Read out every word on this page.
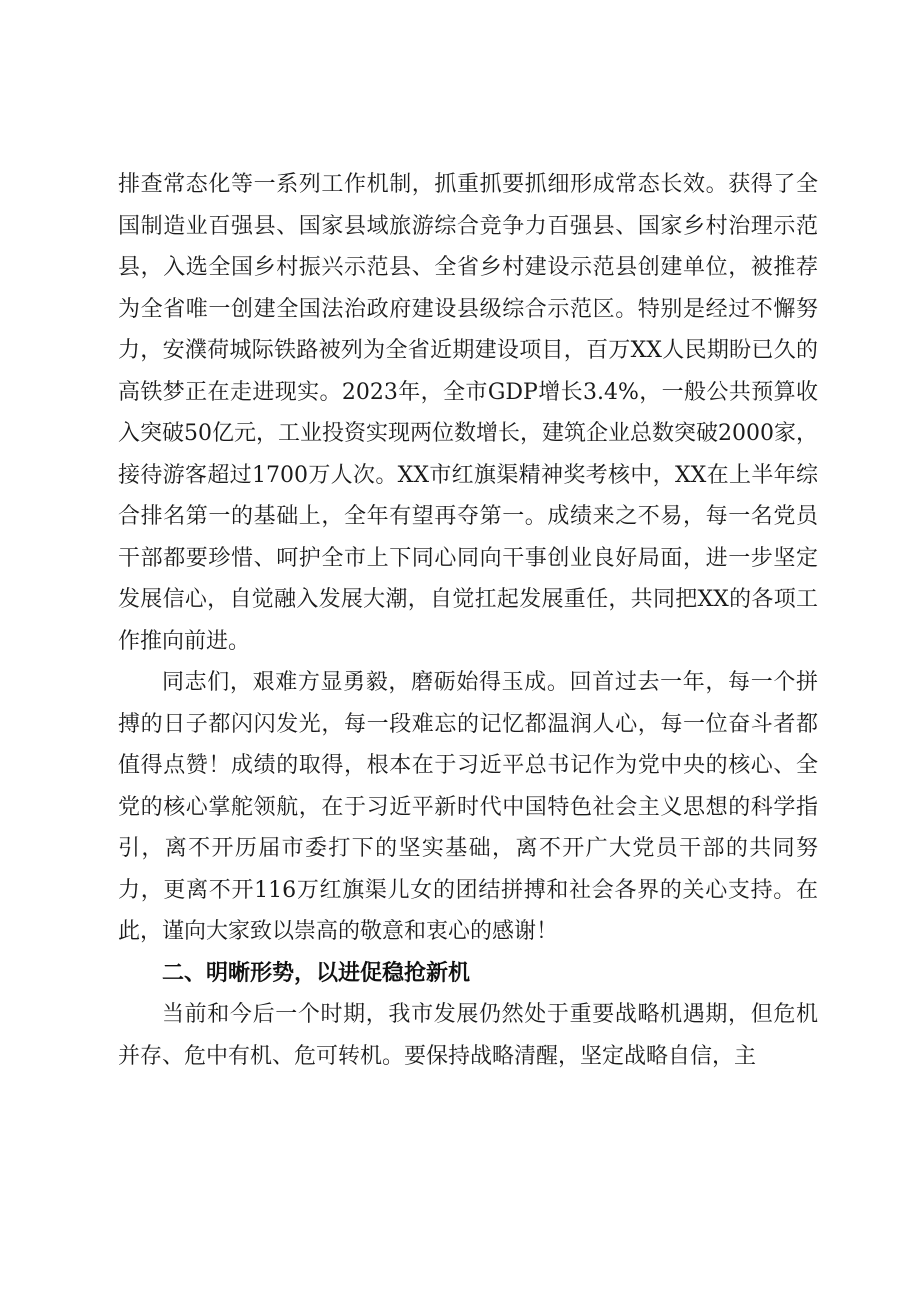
排查常态化等一系列工作机制，抓重抓要抓细形成常态长效。获得了全国制造业百强县、国家县域旅游综合竞争力百强县、国家乡村治理示范县，入选全国乡村振兴示范县、全省乡村建设示范县创建单位，被推荐为全省唯一创建全国法治政府建设县级综合示范区。特别是经过不懈努力，安濮荷城际铁路被列为全省近期建设项目，百万XX人民期盼已久的高铁梦正在走进现实。2023年，全市GDP增长3.4%，一般公共预算收入突破50亿元，工业投资实现两位数增长，建筑企业总数突破2000家，接待游客超过1700万人次。XX市红旗渠精神奖考核中，XX在上半年综合排名第一的基础上，全年有望再夺第一。成绩来之不易，每一名党员干部都要珍惜、呵护全市上下同心同向干事创业良好局面，进一步坚定发展信心，自觉融入发展大潮，自觉扛起发展重任，共同把XX的各项工作推向前进。

同志们，艰难方显勇毅，磨砺始得玉成。回首过去一年，每一个拼搏的日子都闪闪发光，每一段难忘的记忆都温润人心，每一位奋斗者都值得点赞！成绩的取得，根本在于习近平总书记作为党中央的核心、全党的核心掌舵领航，在于习近平新时代中国特色社会主义思想的科学指引，离不开历届市委打下的坚实基础，离不开广大党员干部的共同努力，更离不开116万红旗渠儿女的团结拼搏和社会各界的关心支持。在此，谨向大家致以崇高的敬意和衷心的感谢！

二、明晰形势，以进促稳抢新机

当前和今后一个时期，我市发展仍然处于重要战略机遇期，但危机并存、危中有机、危可转机。要保持战略清醒，坚定战略自信，主
